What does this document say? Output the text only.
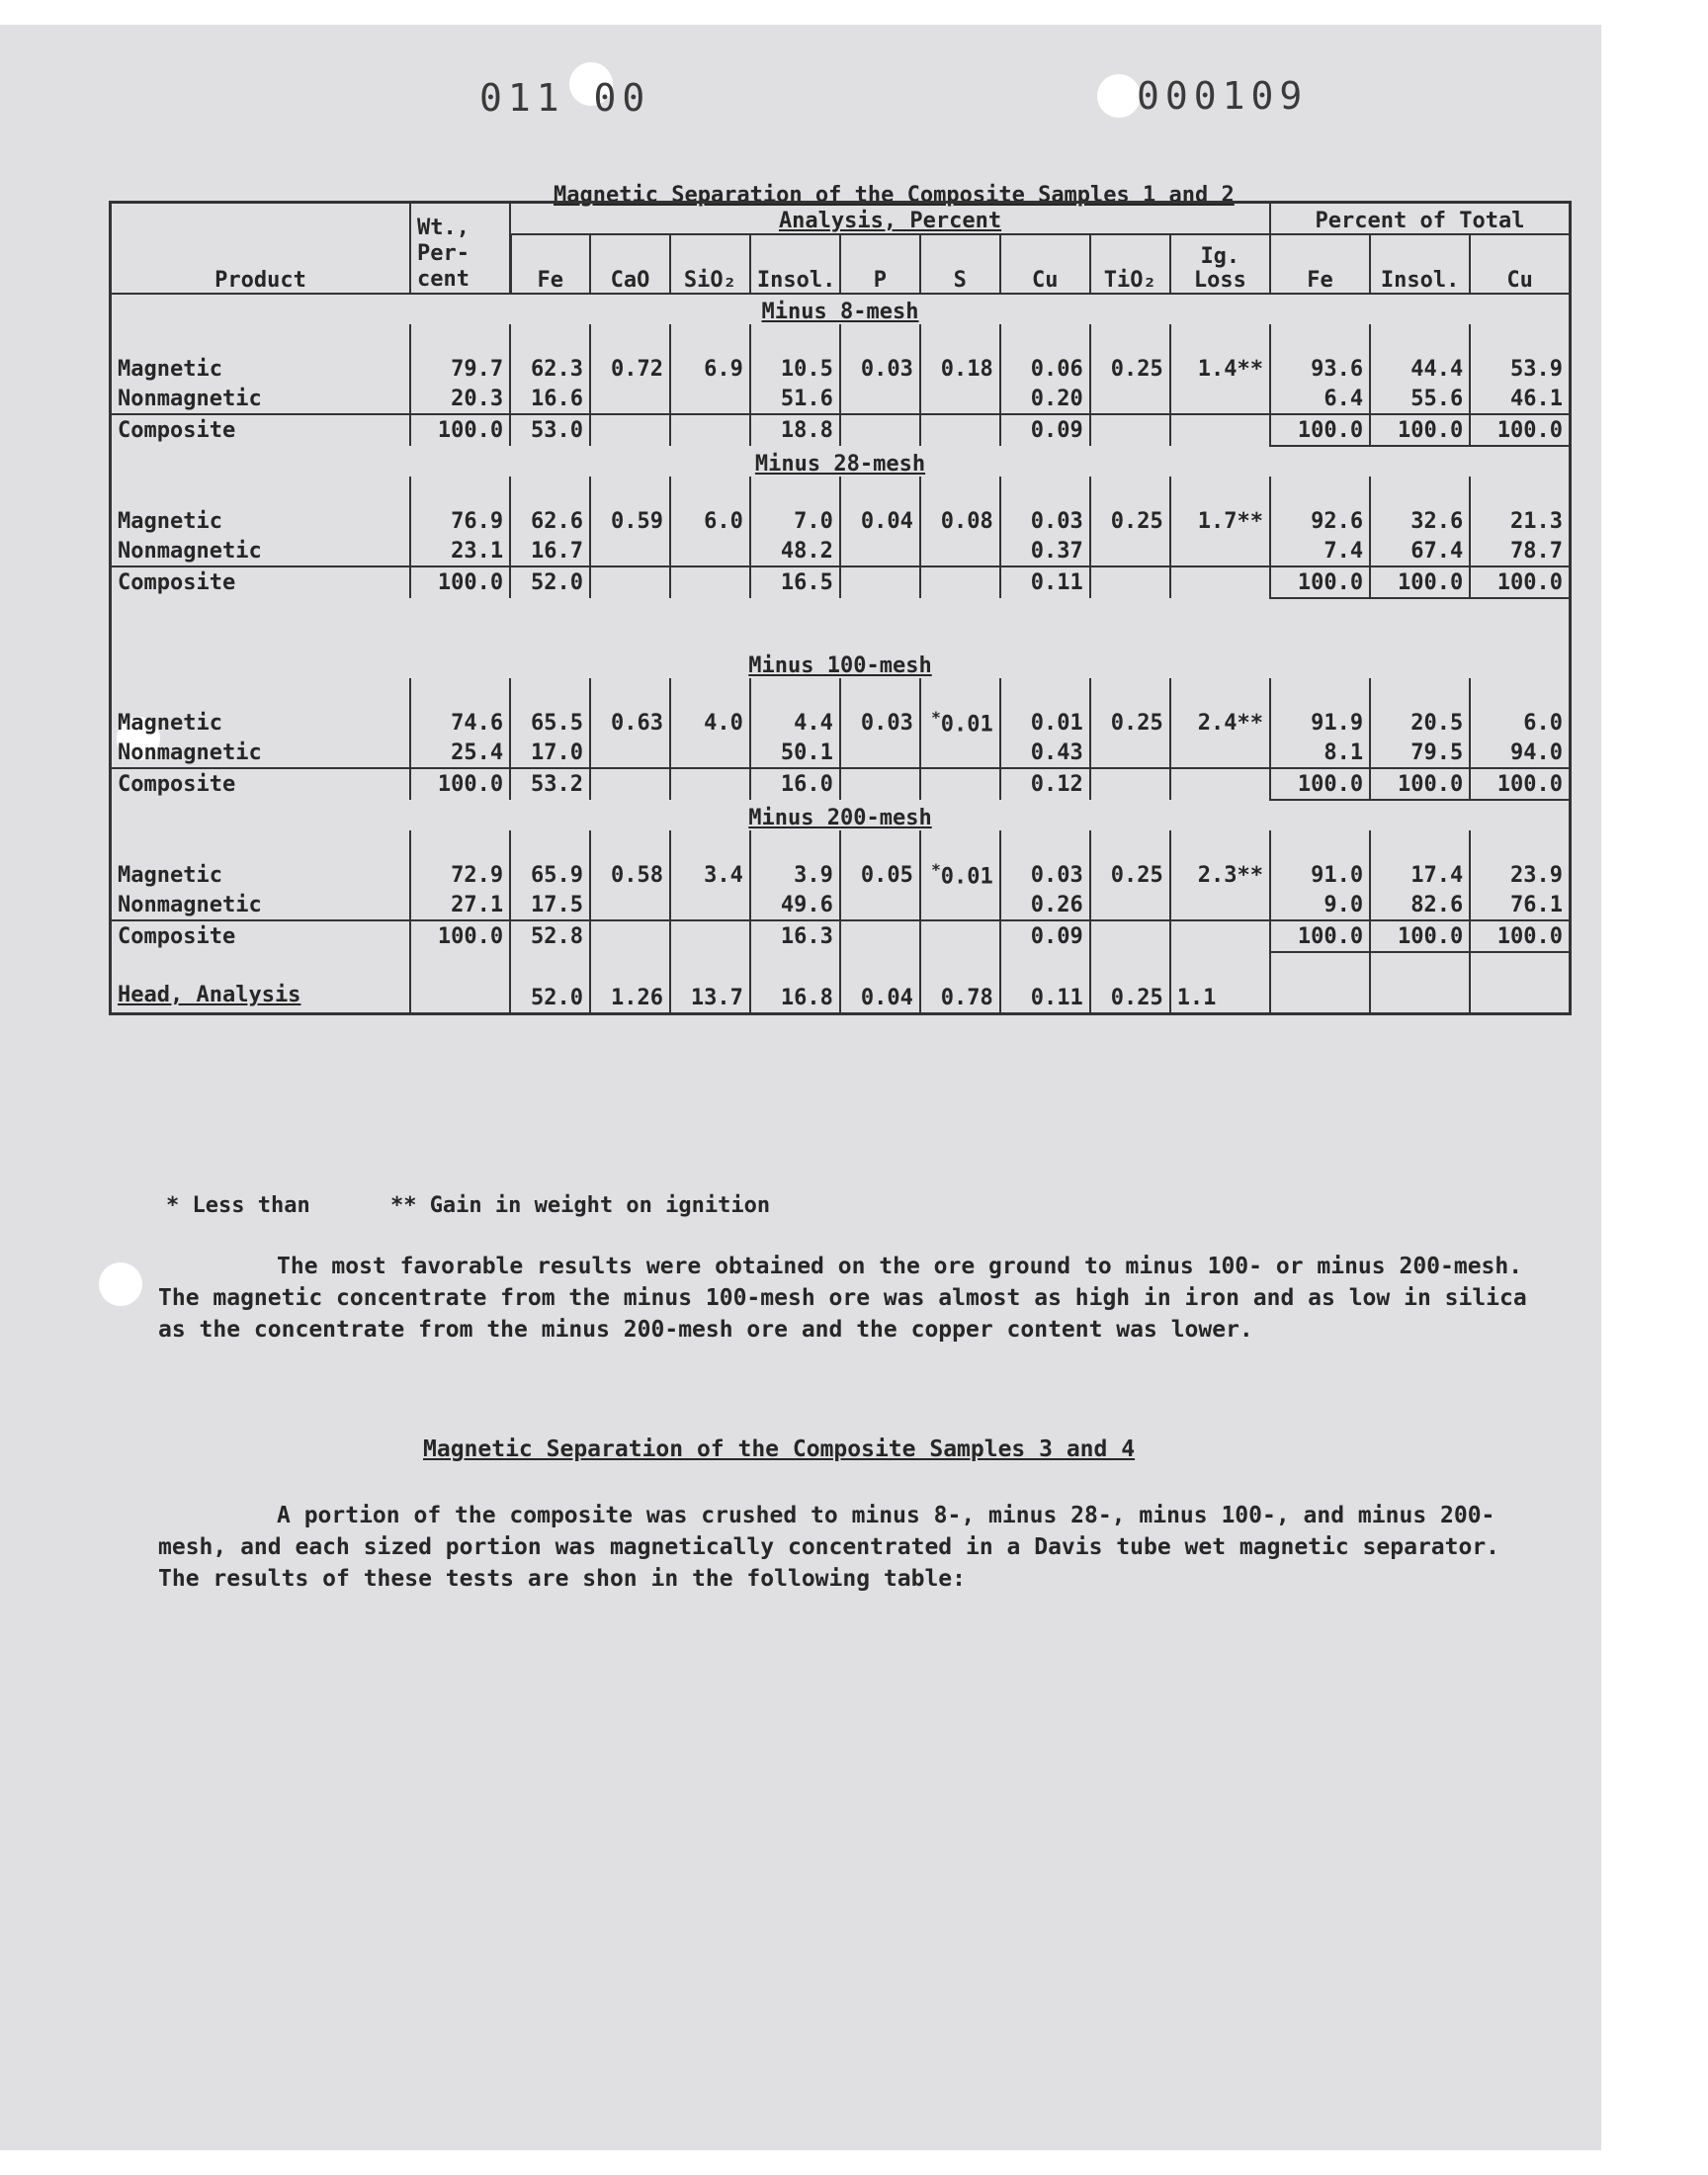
011 00	000109
Magnetic Separation of the Composite Samples 1 and 2
Product	Wt., Per- cent	Analysis, Percent									Percent of Total		
		Fe	CaO	SiO₂	Insol.	P	S	Cu	TiO₂	Ig. Loss	Fe	Insol.	Cu
Minus 8-mesh													

Magnetic	79.7	62.3	0.72	6.9	10.5	0.03	0.18	0.06	0.25	1.4**	93.6	44.4	53.9
Nonmagnetic	20.3	16.6			51.6			0.20			6.4	55.6	46.1
Composite	100.0	53.0			18.8			0.09			100.0	100.0	100.0
Minus 28-mesh													

Magnetic	76.9	62.6	0.59	6.0	7.0	0.04	0.08	0.03	0.25	1.7**	92.6	32.6	21.3
Nonmagnetic	23.1	16.7			48.2			0.37			7.4	67.4	78.7
Composite	100.0	52.0			16.5			0.11			100.0	100.0	100.0
Minus 100-mesh													

Magnetic	74.6	65.5	0.63	4.0	4.4	0.03	*0.01	0.01	0.25	2.4**	91.9	20.5	6.0
Nonmagnetic	25.4	17.0			50.1			0.43			8.1	79.5	94.0
Composite	100.0	53.2			16.0			0.12			100.0	100.0	100.0
Minus 200-mesh													

Magnetic	72.9	65.9	0.58	3.4	3.9	0.05	*0.01	0.03	0.25	2.3**	91.0	17.4	23.9
Nonmagnetic	27.1	17.5			49.6			0.26			9.0	82.6	76.1
Composite	100.0	52.8			16.3			0.09			100.0	100.0	100.0

Head, Analysis		52.0	1.26	13.7	16.8	0.04	0.78	0.11	0.25	1.1			
* Less than	** Gain in weight on ignition
The most favorable results were obtained on the ore ground to minus 100- or minus 200-mesh. The magnetic concentrate from the minus 100-mesh ore was almost as high in iron and as low in silica as the concentrate from the minus 200-mesh ore and the copper content was lower.
Magnetic Separation of the Composite Samples 3 and 4
A portion of the composite was crushed to minus 8-, minus 28-, minus 100-, and minus 200-mesh, and each sized portion was magnetically concentrated in a Davis tube wet magnetic separator. The results of these tests are shon in the following table:
